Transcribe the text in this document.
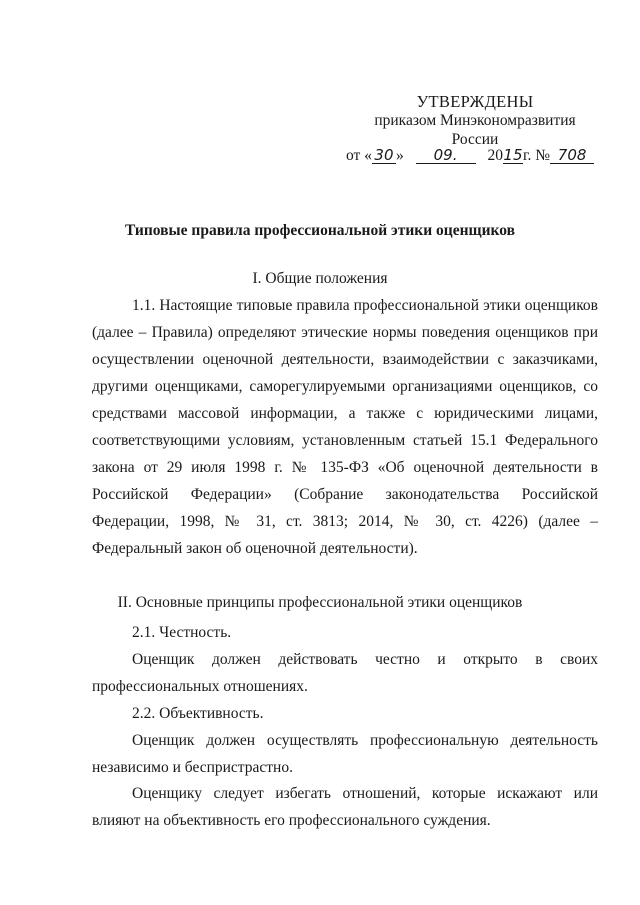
УТВЕРЖДЕНЫ
приказом Минэкономразвития
России
от « 30 » 09. 2015г. № 708
Типовые правила профессиональной этики оценщиков
I. Общие положения
1.1. Настоящие типовые правила профессиональной этики оценщиков (далее – Правила) определяют этические нормы поведения оценщиков при осуществлении оценочной деятельности, взаимодействии с заказчиками, другими оценщиками, саморегулируемыми организациями оценщиков, со средствами массовой информации, а также с юридическими лицами, соответствующими условиям, установленным статьей 15.1 Федерального закона от 29 июля 1998 г. № 135-ФЗ «Об оценочной деятельности в Российской Федерации» (Собрание законодательства Российской Федерации, 1998, № 31, ст. 3813; 2014, № 30, ст. 4226) (далее – Федеральный закон об оценочной деятельности).
II. Основные принципы профессиональной этики оценщиков
2.1. Честность.
Оценщик должен действовать честно и открыто в своих профессиональных отношениях.
2.2. Объективность.
Оценщик должен осуществлять профессиональную деятельность независимо и беспристрастно.
Оценщику следует избегать отношений, которые искажают или влияют на объективность его профессионального суждения.
